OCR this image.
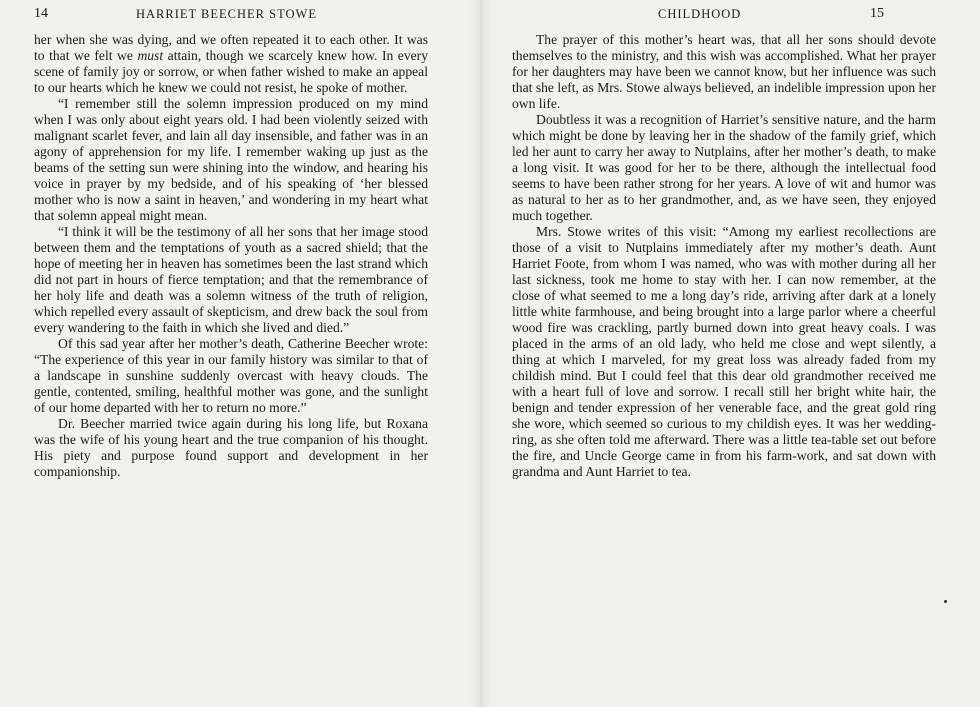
14	HARRIET BEECHER STOWE

her when she was dying, and we often repeated it to each other. It was to that we felt we must attain, though we scarcely knew how. In every scene of family joy or sorrow, or when father wished to make an appeal to our hearts which he knew we could not resist, he spoke of mother.

“I remember still the solemn impression produced on my mind when I was only about eight years old. I had been violently seized with malignant scarlet fever, and lain all day insensible, and father was in an agony of apprehension for my life. I remember waking up just as the beams of the setting sun were shining into the window, and hearing his voice in prayer by my bedside, and of his speaking of ‘her blessed mother who is now a saint in heaven,’ and wondering in my heart what that solemn appeal might mean.

“I think it will be the testimony of all her sons that her image stood between them and the temptations of youth as a sacred shield; that the hope of meeting her in heaven has sometimes been the last strand which did not part in hours of fierce temptation; and that the remembrance of her holy life and death was a solemn witness of the truth of religion, which repelled every assault of skepticism, and drew back the soul from every wandering to the faith in which she lived and died.”

Of this sad year after her mother’s death, Catherine Beecher wrote: “The experience of this year in our family history was similar to that of a landscape in sunshine suddenly overcast with heavy clouds. The gentle, contented, smiling, healthful mother was gone, and the sunlight of our home departed with her to return no more.”

Dr. Beecher married twice again during his long life, but Roxana was the wife of his young heart and the true companion of his thought. His piety and purpose found support and development in her companionship.

CHILDHOOD	15

The prayer of this mother’s heart was, that all her sons should devote themselves to the ministry, and this wish was accomplished. What her prayer for her daughters may have been we cannot know, but her influence was such that she left, as Mrs. Stowe always believed, an indelible impression upon her own life.

Doubtless it was a recognition of Harriet’s sensitive nature, and the harm which might be done by leaving her in the shadow of the family grief, which led her aunt to carry her away to Nutplains, after her mother’s death, to make a long visit. It was good for her to be there, although the intellectual food seems to have been rather strong for her years. A love of wit and humor was as natural to her as to her grandmother, and, as we have seen, they enjoyed much together.

Mrs. Stowe writes of this visit: “Among my earliest recollections are those of a visit to Nutplains immediately after my mother’s death. Aunt Harriet Foote, from whom I was named, who was with mother during all her last sickness, took me home to stay with her. I can now remember, at the close of what seemed to me a long day’s ride, arriving after dark at a lonely little white farmhouse, and being brought into a large parlor where a cheerful wood fire was crackling, partly burned down into great heavy coals. I was placed in the arms of an old lady, who held me close and wept silently, a thing at which I marveled, for my great loss was already faded from my childish mind. But I could feel that this dear old grandmother received me with a heart full of love and sorrow. I recall still her bright white hair, the benign and tender expression of her venerable face, and the great gold ring she wore, which seemed so curious to my childish eyes. It was her wedding-ring, as she often told me afterward. There was a little tea-table set out before the fire, and Uncle George came in from his farm-work, and sat down with grandma and Aunt Harriet to tea.
